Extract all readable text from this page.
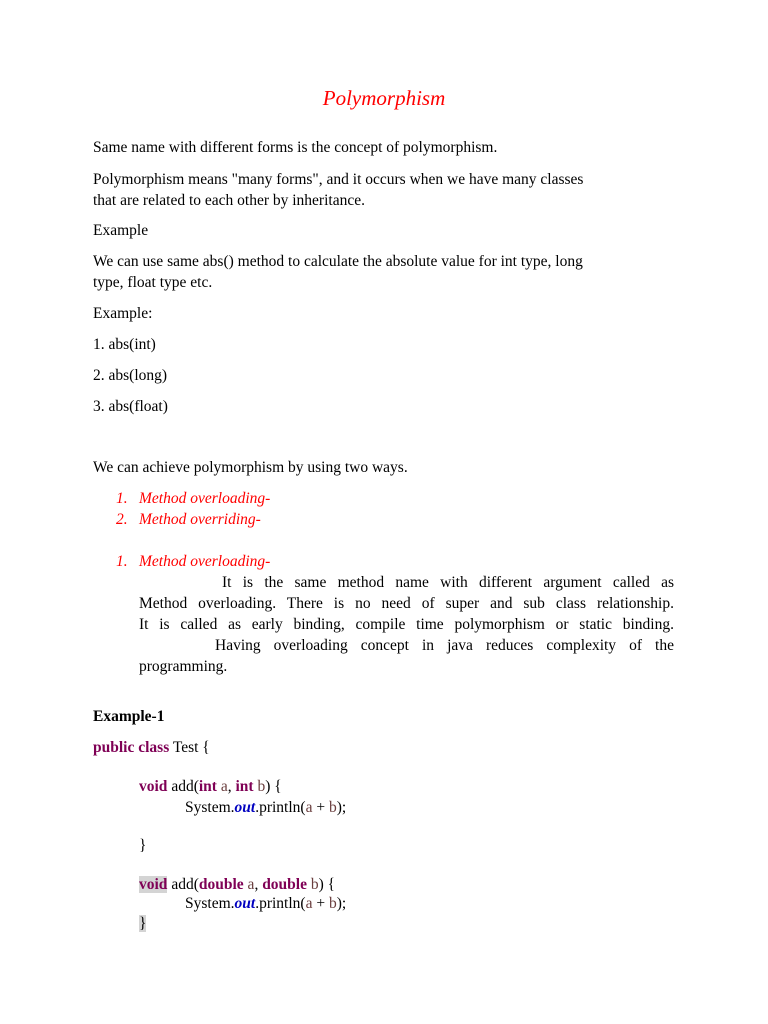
Polymorphism

Same name with different forms is the concept of polymorphism.

Polymorphism means "many forms", and it occurs when we have many classes

that are related to each other by inheritance.

Example

We can use same abs() method to calculate the absolute value for int type, long

type, float type etc.

Example:

1. abs(int)

2. abs(long)

3. abs(float)

We can achieve polymorphism by using two ways.

1. Method overloading-
2. Method overriding-
1. Method overloading-
It is the same method name with different argument called as
Method overloading. There is no need of super and sub class relationship.
It is called as early binding, compile time polymorphism or static binding.
Having overloading concept in java reduces complexity of the
programming.

Example-1

public class Test {
void add(int a, int b) {
System.out.println(a + b);
}
void add(double a, double b) {
System.out.println(a + b);
}
